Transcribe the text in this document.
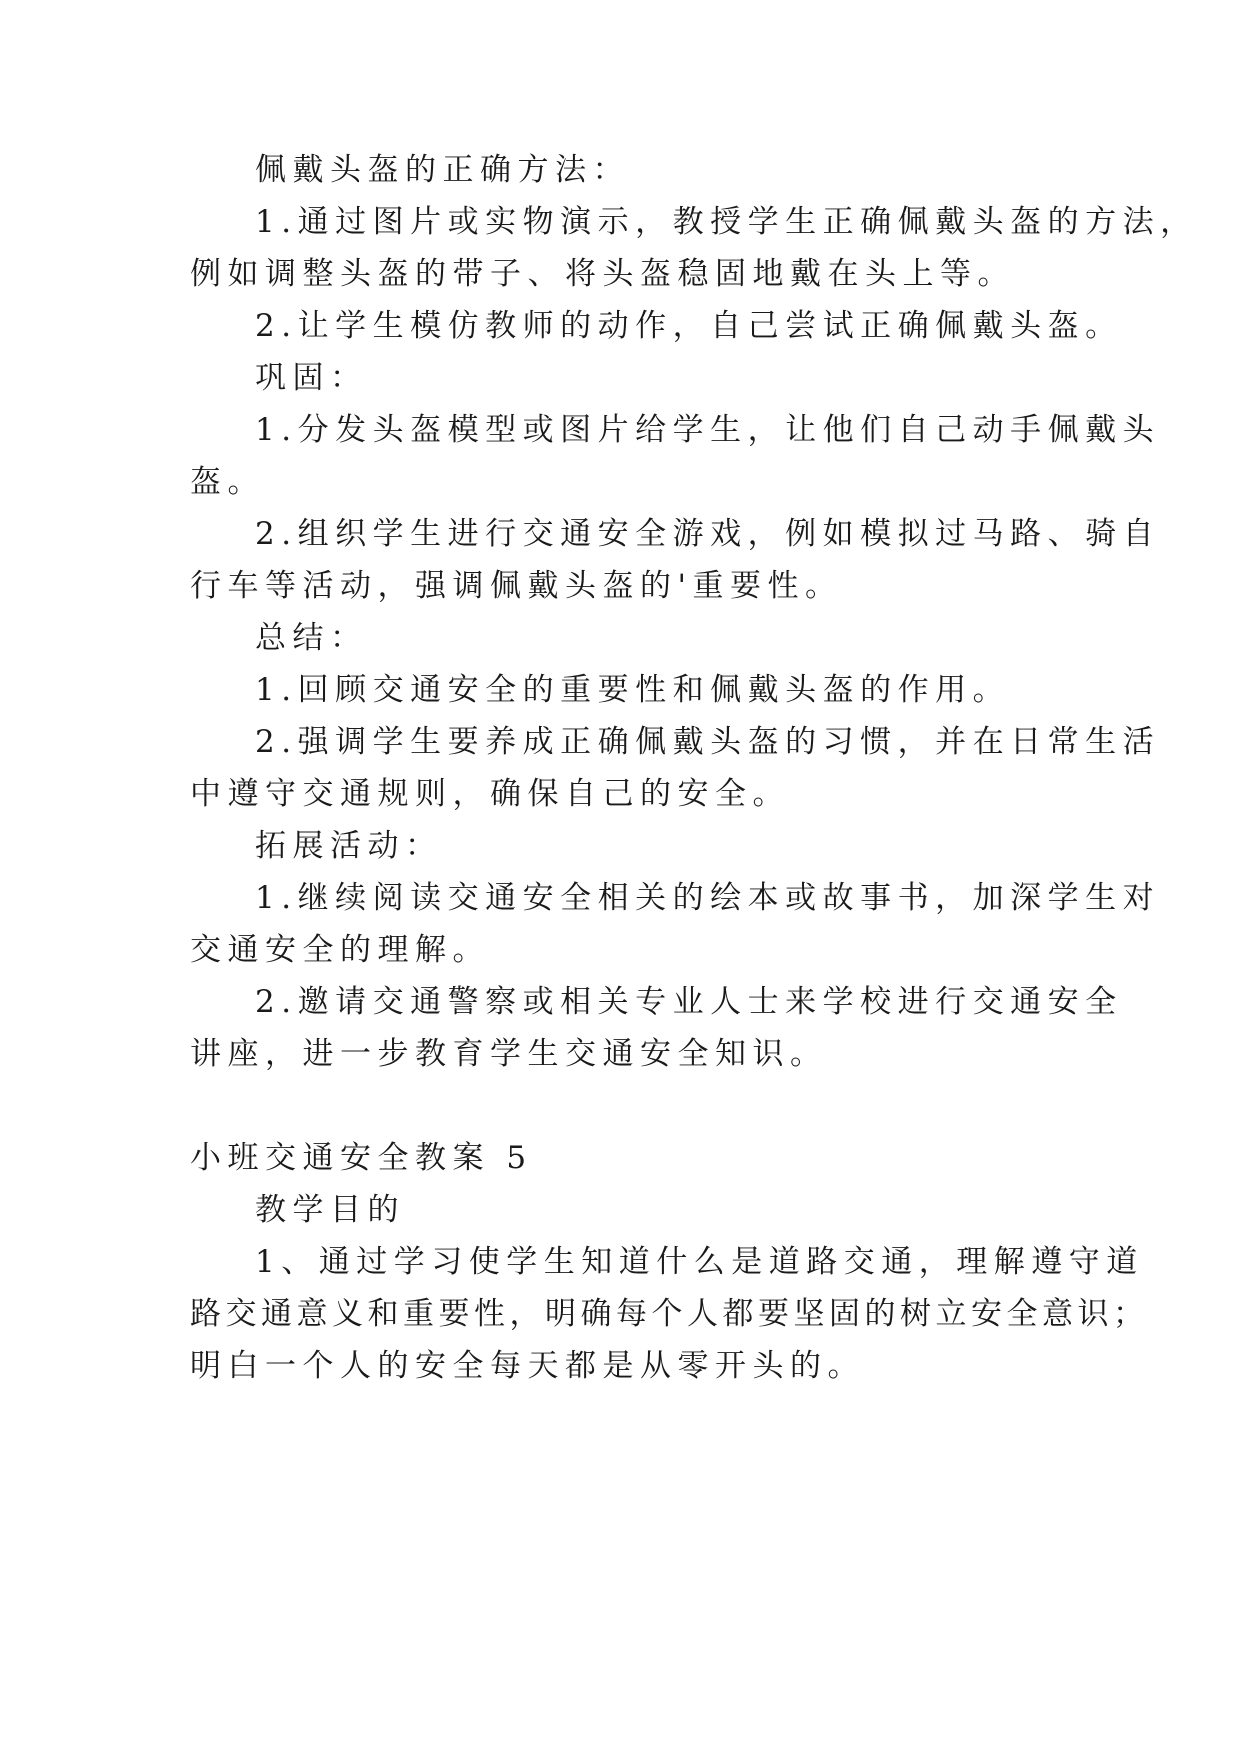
佩戴头盔的正确方法：
1.通过图片或实物演示，教授学生正确佩戴头盔的方法，
例如调整头盔的带子、将头盔稳固地戴在头上等。
2.让学生模仿教师的动作，自己尝试正确佩戴头盔。
巩固：
1.分发头盔模型或图片给学生，让他们自己动手佩戴头
盔。
2.组织学生进行交通安全游戏，例如模拟过马路、骑自
行车等活动，强调佩戴头盔的'重要性。
总结：
1.回顾交通安全的重要性和佩戴头盔的作用。
2.强调学生要养成正确佩戴头盔的习惯，并在日常生活
中遵守交通规则，确保自己的安全。
拓展活动：
1.继续阅读交通安全相关的绘本或故事书，加深学生对
交通安全的理解。
2.邀请交通警察或相关专业人士来学校进行交通安全
讲座，进一步教育学生交通安全知识。
小班交通安全教案 5
教学目的
1、通过学习使学生知道什么是道路交通，理解遵守道
路交通意义和重要性，明确每个人都要坚固的树立安全意识；
明白一个人的安全每天都是从零开头的。
